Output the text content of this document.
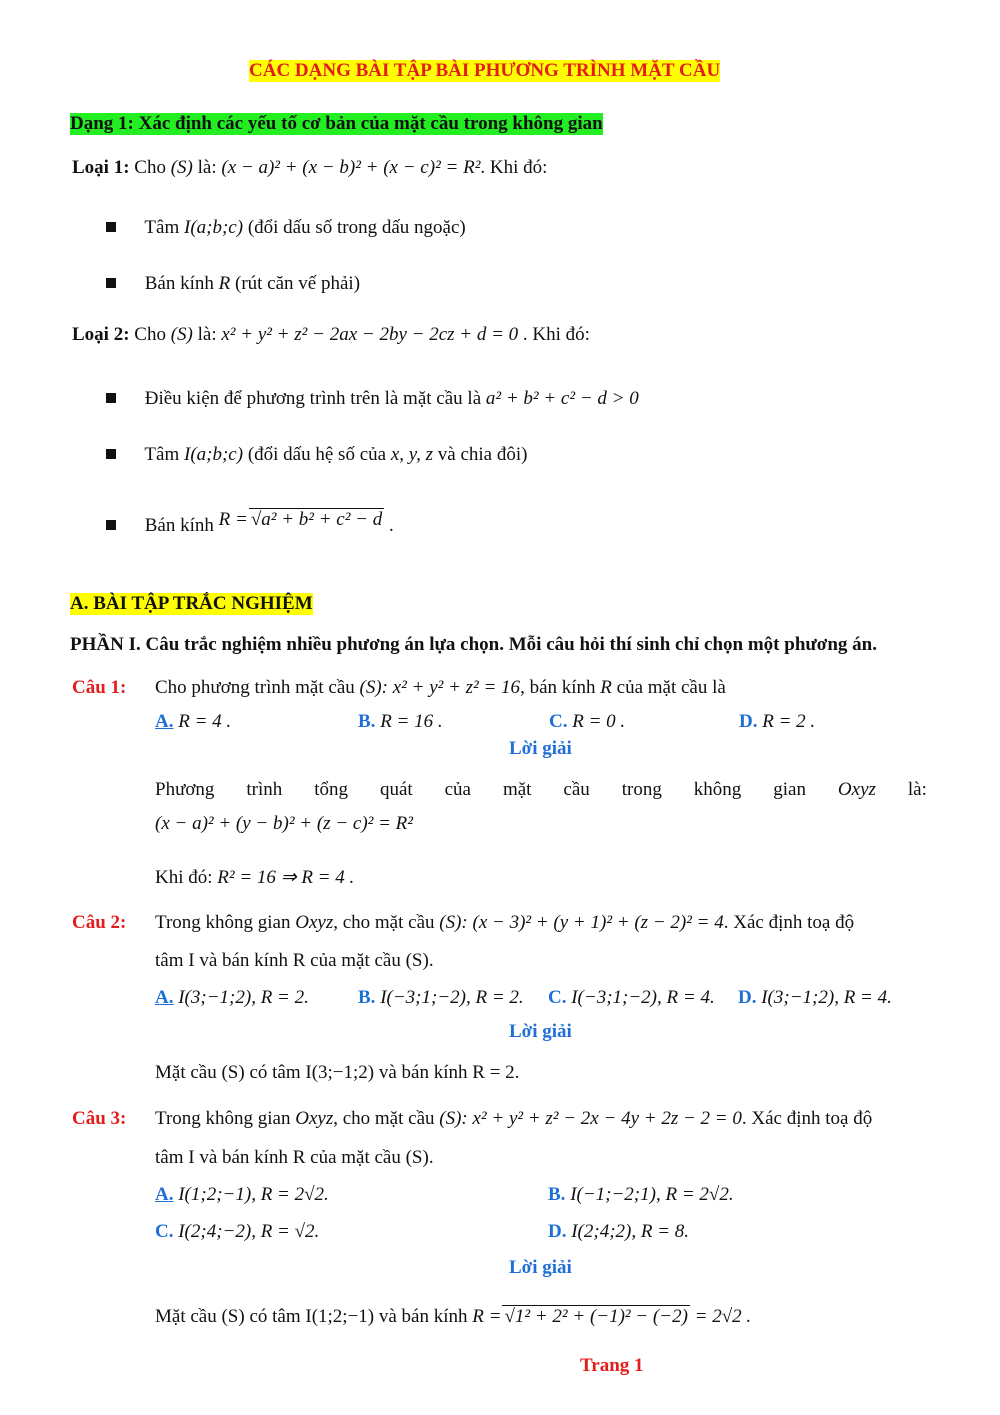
CÁC DẠNG BÀI TẬP BÀI PHƯƠNG TRÌNH MẶT CẦU
Dạng 1: Xác định các yếu tố cơ bản của mặt cầu trong không gian
Loại 1: Cho (S) là: (x − a)² + (x − b)² + (x − c)² = R². Khi đó:
Tâm I(a;b;c) (đổi dấu số trong dấu ngoặc)
Bán kính R (rút căn vế phải)
Loại 2: Cho (S) là: x² + y² + z² − 2ax − 2by − 2cz + d = 0 . Khi đó:
Điều kiện để phương trình trên là mặt cầu là a² + b² + c² − d > 0
Tâm I(a;b;c) (đổi dấu hệ số của x, y, z và chia đôi)
Bán kính R = √a² + b² + c² − d .
A. BÀI TẬP TRẮC NGHIỆM
PHẦN I. Câu trắc nghiệm nhiều phương án lựa chọn. Mỗi câu hỏi thí sinh chỉ chọn một phương án.
Câu 1: Cho phương trình mặt cầu (S): x² + y² + z² = 16, bán kính R của mặt cầu là
A. R = 4 .	B. R = 16 .	C. R = 0 .	D. R = 2 .
Lời giải
Phương trình tổng quát của mặt cầu trong không gian Oxyz là:
(x − a)² + (y − b)² + (z − c)² = R²
Khi đó: R² = 16 ⇒ R = 4 .
Câu 2: Trong không gian Oxyz, cho mặt cầu (S): (x − 3)² + (y + 1)² + (z − 2)² = 4. Xác định toạ độ
tâm I và bán kính R của mặt cầu (S).
A. I(3;−1;2), R = 2.	B. I(−3;1;−2), R = 2. C. I(−3;1;−2), R = 4. D. I(3;−1;2), R = 4.
Lời giải
Mặt cầu (S) có tâm I(3;−1;2) và bán kính R = 2.
Câu 3: Trong không gian Oxyz, cho mặt cầu (S): x² + y² + z² − 2x − 4y + 2z − 2 = 0. Xác định toạ độ
tâm I và bán kính R của mặt cầu (S).
A. I(1;2;−1), R = 2√2.	B. I(−1;−2;1), R = 2√2.
C. I(2;4;−2), R = √2.	D. I(2;4;2), R = 8.
Lời giải
Mặt cầu (S) có tâm I(1;2;−1) và bán kính R = √1² + 2² + (−1)² − (−2) = 2√2 .
Trang 1
